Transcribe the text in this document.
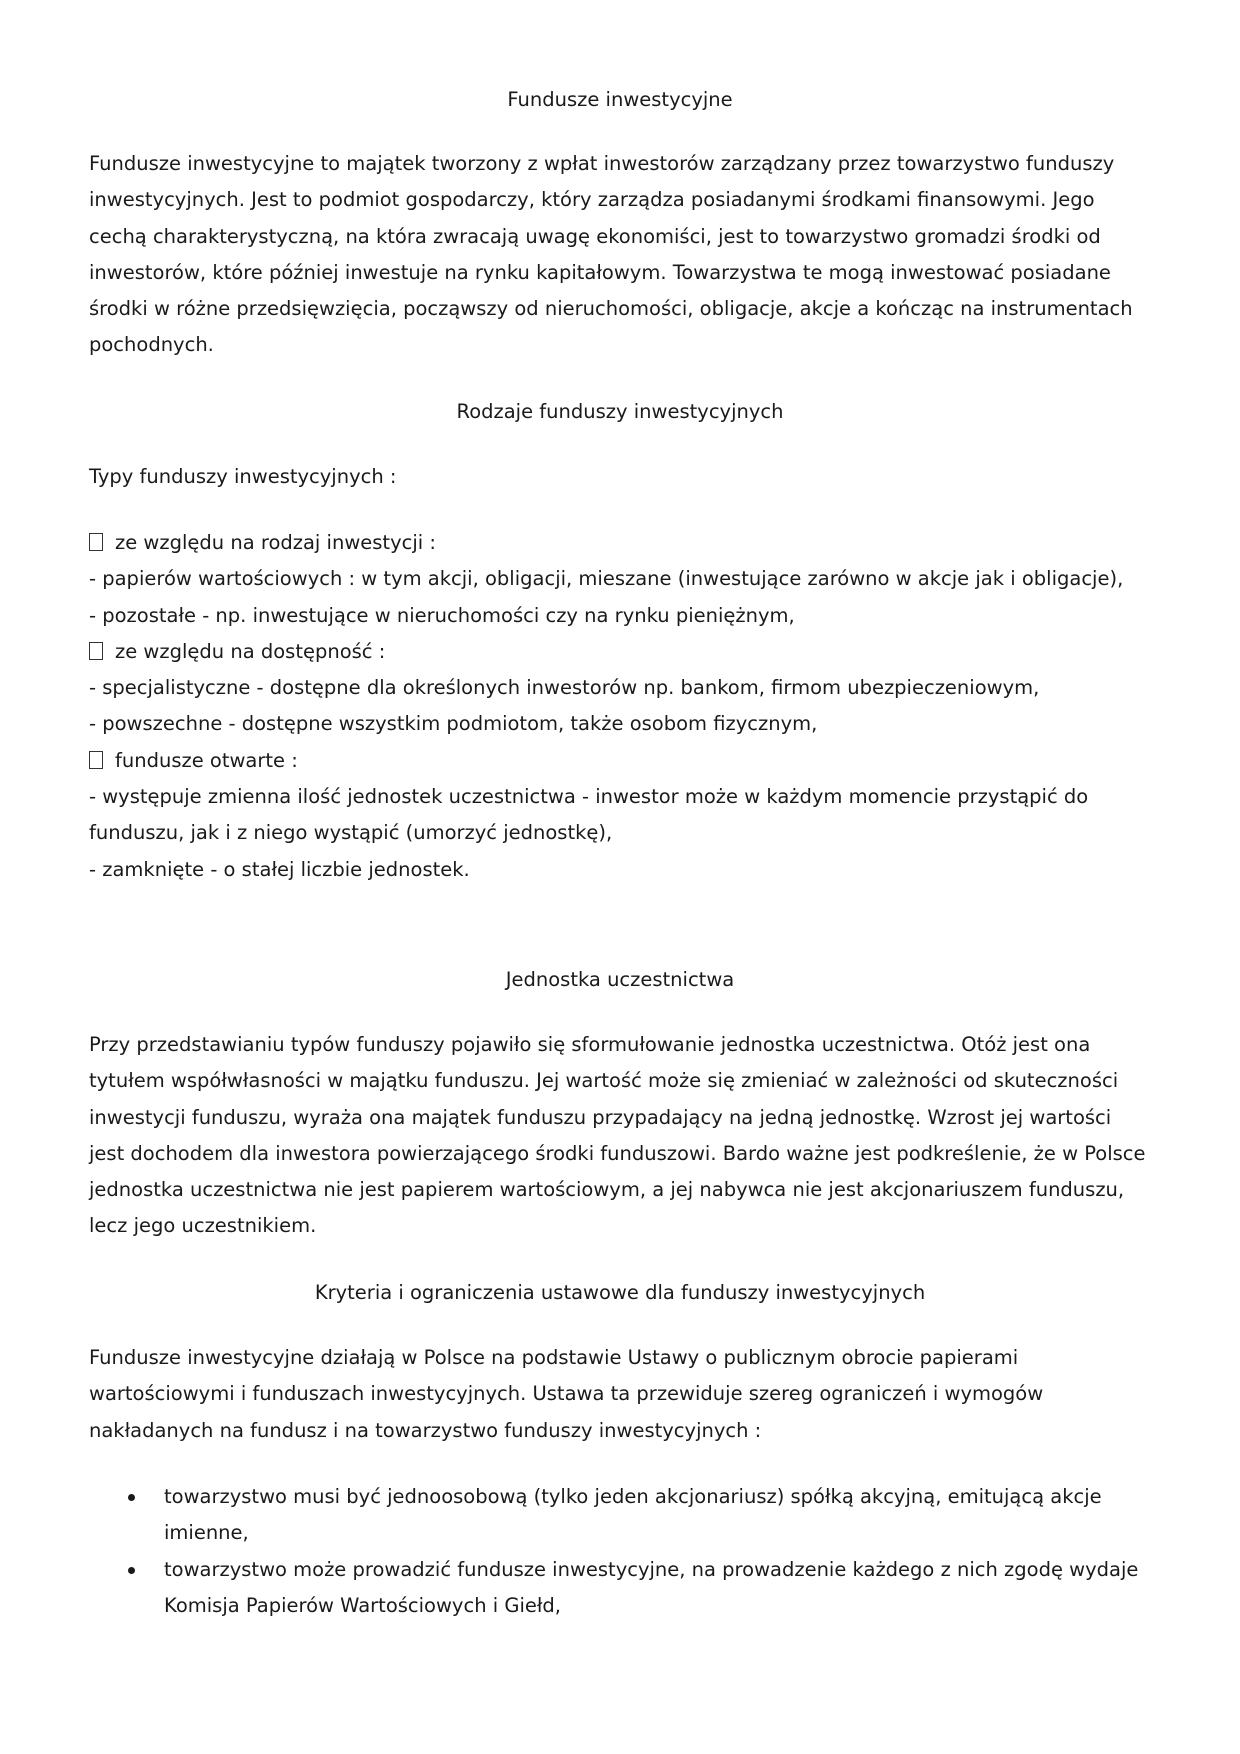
Fundusze inwestycyjne

Fundusze inwestycyjne to majątek tworzony z wpłat inwestorów zarządzany przez towarzystwo funduszy inwestycyjnych. Jest to podmiot gospodarczy, który zarządza posiadanymi środkami finansowymi. Jego cechą charakterystyczną, na która zwracają uwagę ekonomiści, jest to towarzystwo gromadzi środki od inwestorów, które później inwestuje na rynku kapitałowym. Towarzystwa te mogą inwestować posiadane środki w różne przedsięwzięcia, począwszy od nieruchomości, obligacje, akcje a kończąc na instrumentach pochodnych.

Rodzaje funduszy inwestycyjnych

Typy funduszy inwestycyjnych :

ze względu na rodzaj inwestycji :

- papierów wartościowych : w tym akcji, obligacji, mieszane (inwestujące zarówno w akcje jak i obligacje),

- pozostałe - np. inwestujące w nieruchomości czy na rynku pieniężnym,

ze względu na dostępność :

- specjalistyczne - dostępne dla określonych inwestorów np. bankom, firmom ubezpieczeniowym,

- powszechne - dostępne wszystkim podmiotom, także osobom fizycznym,

fundusze otwarte :

- występuje zmienna ilość jednostek uczestnictwa - inwestor może w każdym momencie przystąpić do funduszu, jak i z niego wystąpić (umorzyć jednostkę),

- zamknięte - o stałej liczbie jednostek.

Jednostka uczestnictwa

Przy przedstawianiu typów funduszy pojawiło się sformułowanie jednostka uczestnictwa. Otóż jest ona tytułem współwłasności w majątku funduszu. Jej wartość może się zmieniać w zależności od skuteczności inwestycji funduszu, wyraża ona majątek funduszu przypadający na jedną jednostkę. Wzrost jej wartości jest dochodem dla inwestora powierzającego środki funduszowi. Bardo ważne jest podkreślenie, że w Polsce jednostka uczestnictwa nie jest papierem wartościowym, a jej nabywca nie jest akcjonariuszem funduszu, lecz jego uczestnikiem.

Kryteria i ograniczenia ustawowe dla funduszy inwestycyjnych

Fundusze inwestycyjne działają w Polsce na podstawie Ustawy o publicznym obrocie papierami wartościowymi i funduszach inwestycyjnych. Ustawa ta przewiduje szereg ograniczeń i wymogów nakładanych na fundusz i na towarzystwo funduszy inwestycyjnych :

towarzystwo musi być jednoosobową (tylko jeden akcjonariusz) spółką akcyjną, emitującą akcje imienne,
towarzystwo może prowadzić fundusze inwestycyjne, na prowadzenie każdego z nich zgodę wydaje Komisja Papierów Wartościowych i Giełd,
